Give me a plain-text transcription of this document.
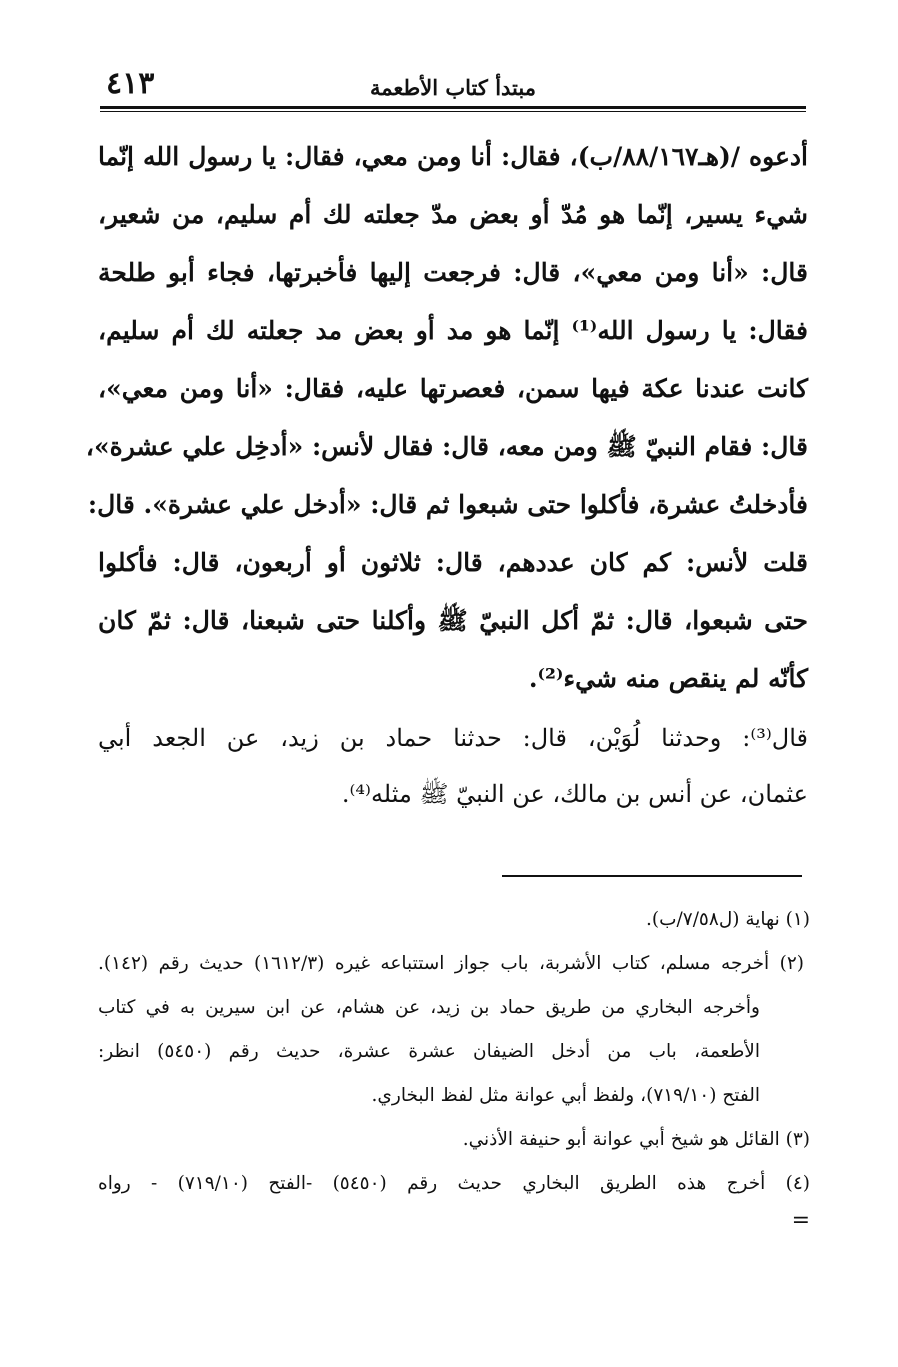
٤١٣	مبتدأ كتاب الأطعمة
أدعوه /(هـ٨٨/١٦٧/ب)، فقال: أنا ومن معي، فقال: يا رسول الله إنّما
شيء يسير، إنّما هو مُدّ أو بعض مدّ جعلته لك أم سليم، من شعير،
قال: «أنا ومن معي»، قال: فرجعت إليها فأخبرتها، فجاء أبو طلحة
فقال: يا رسول الله⁽¹⁾ إنّما هو مد أو بعض مد جعلته لك أم سليم،
كانت عندنا عكة فيها سمن، فعصرتها عليه، فقال: «أنا ومن معي»،
قال: فقام النبيّ ﷺ ومن معه، قال: فقال لأنس: «أدخِل علي عشرة»،
فأدخلتُ عشرة، فأكلوا حتى شبعوا ثم قال: «أدخل علي عشرة». قال:
قلت لأنس: كم كان عددهم، قال: ثلاثون أو أربعون، قال: فأكلوا
حتى شبعوا، قال: ثمّ أكل النبيّ ﷺ وأكلنا حتى شبعنا، قال: ثمّ كان
كأنّه لم ينقص منه شيء⁽²⁾.
قال⁽³⁾: وحدثنا لُوَيْن، قال: حدثنا حماد بن زيد، عن الجعد أبي
عثمان، عن أنس بن مالك، عن النبيّ ﷺ مثله⁽⁴⁾.
(١) نهاية (ل٧/٥٨/ب).
(٢) أخرجه مسلم، كتاب الأشربة، باب جواز استتباعه غيره (١٦١٢/٣) حديث رقم (١٤٢).
وأخرجه البخاري من طريق حماد بن زيد، عن هشام، عن ابن سيرين به في كتاب
الأطعمة، باب من أدخل الضيفان عشرة عشرة، حديث رقم (٥٤٥٠) انظر:
الفتح (٧١٩/١٠)، ولفظ أبي عوانة مثل لفظ البخاري.
(٣) القائل هو شيخ أبي عوانة أبو حنيفة الأذني.
(٤) أخرج هذه الطريق البخاري حديث رقم (٥٤٥٠) -الفتح (٧١٩/١٠) - رواه
=
